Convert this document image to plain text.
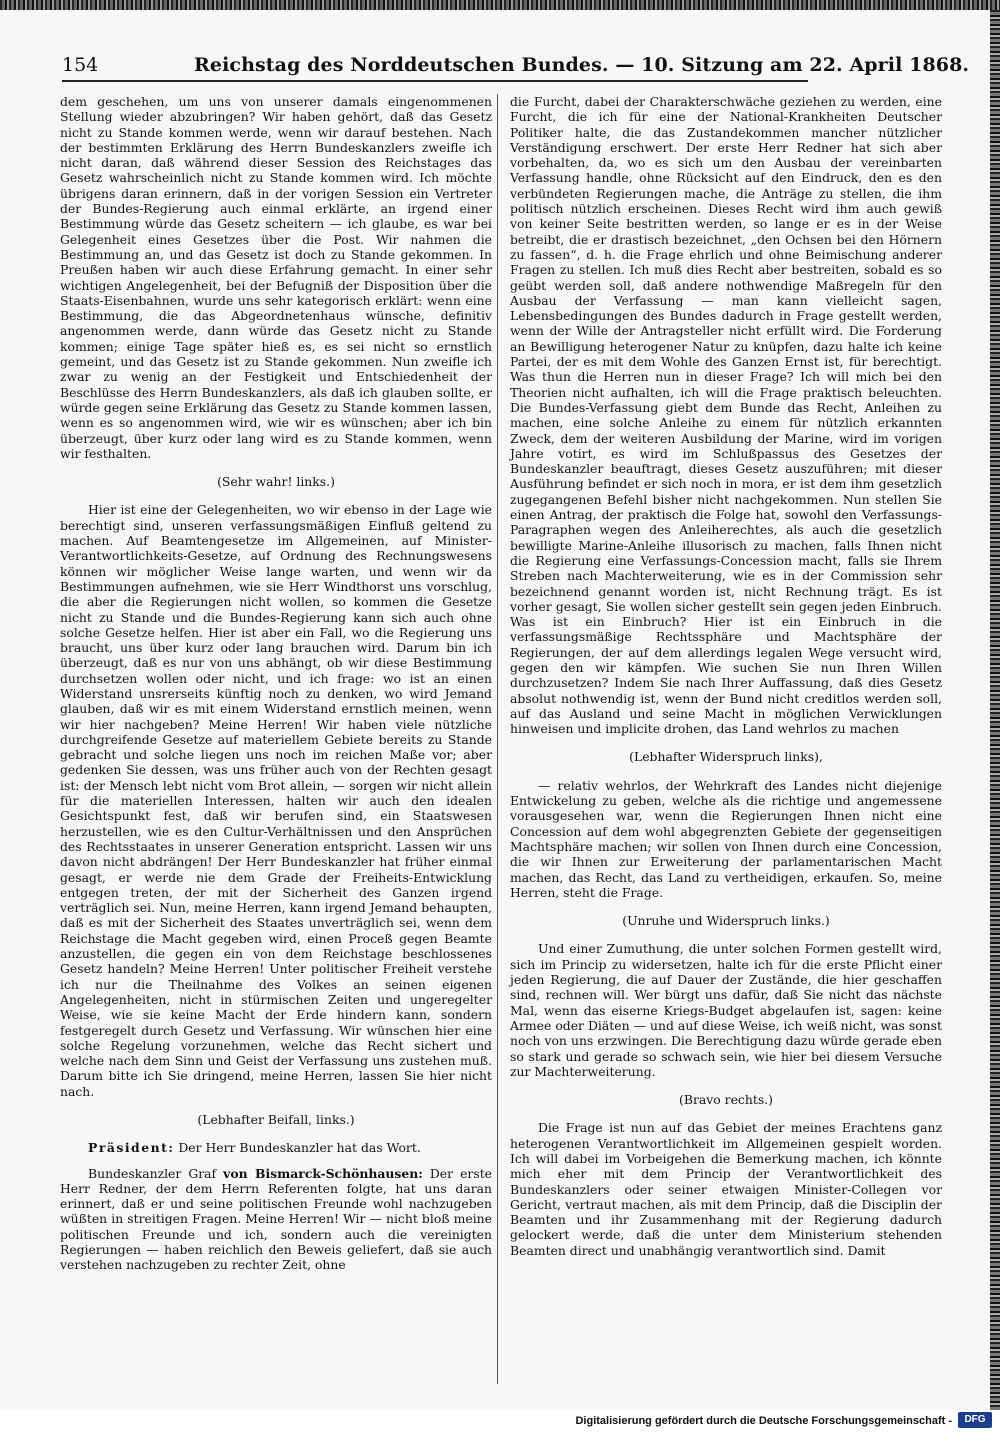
154	Reichstag des Norddeutschen Bundes. — 10. Sitzung am 22. April 1868.

dem geschehen, um uns von unserer damals eingenommenen Stellung wieder abzubringen? Wir haben gehört, daß das Gesetz nicht zu Stande kommen werde, wenn wir darauf bestehen. Nach der bestimmten Erklärung des Herrn Bundeskanzlers zweifle ich nicht daran, daß während dieser Session des Reichstages das Gesetz wahrscheinlich nicht zu Stande kommen wird. Ich möchte übrigens daran erinnern, daß in der vorigen Session ein Vertreter der Bundes-Regierung auch einmal erklärte, an irgend einer Bestimmung würde das Gesetz scheitern — ich glaube, es war bei Gelegenheit eines Gesetzes über die Post. Wir nahmen die Bestimmung an, und das Gesetz ist doch zu Stande gekommen. In Preußen haben wir auch diese Erfahrung gemacht. In einer sehr wichtigen Angelegenheit, bei der Befugniß der Disposition über die Staats-Eisenbahnen, wurde uns sehr kategorisch erklärt: wenn eine Bestimmung, die das Abgeordnetenhaus wünsche, definitiv angenommen werde, dann würde das Gesetz nicht zu Stande kommen; einige Tage später hieß es, es sei nicht so ernstlich gemeint, und das Gesetz ist zu Stande gekommen. Nun zweifle ich zwar zu wenig an der Festigkeit und Entschiedenheit der Beschlüsse des Herrn Bundeskanzlers, als daß ich glauben sollte, er würde gegen seine Erklärung das Gesetz zu Stande kommen lassen, wenn es so angenommen wird, wie wir es wünschen; aber ich bin überzeugt, über kurz oder lang wird es zu Stande kommen, wenn wir festhalten.

(Sehr wahr! links.)

Hier ist eine der Gelegenheiten, wo wir ebenso in der Lage wie berechtigt sind, unseren verfassungsmäßigen Einfluß geltend zu machen. Auf Beamtengesetze im Allgemeinen, auf Minister-Verantwortlichkeits-Gesetze, auf Ordnung des Rechnungswesens können wir möglicher Weise lange warten, und wenn wir da Bestimmungen aufnehmen, wie sie Herr Windthorst uns vorschlug, die aber die Regierungen nicht wollen, so kommen die Gesetze nicht zu Stande und die Bundes-Regierung kann sich auch ohne solche Gesetze helfen. Hier ist aber ein Fall, wo die Regierung uns braucht, uns über kurz oder lang brauchen wird. Darum bin ich überzeugt, daß es nur von uns abhängt, ob wir diese Bestimmung durchsetzen wollen oder nicht, und ich frage: wo ist an einen Widerstand unsrerseits künftig noch zu denken, wo wird Jemand glauben, daß wir es mit einem Widerstand ernstlich meinen, wenn wir hier nachgeben? Meine Herren! Wir haben viele nützliche durchgreifende Gesetze auf materiellem Gebiete bereits zu Stande gebracht und solche liegen uns noch im reichen Maße vor; aber gedenken Sie dessen, was uns früher auch von der Rechten gesagt ist: der Mensch lebt nicht vom Brot allein, — sorgen wir nicht allein für die materiellen Interessen, halten wir auch den idealen Gesichtspunkt fest, daß wir berufen sind, ein Staatswesen herzustellen, wie es den Cultur-Verhältnissen und den Ansprüchen des Rechtsstaates in unserer Generation entspricht. Lassen wir uns davon nicht abdrängen! Der Herr Bundeskanzler hat früher einmal gesagt, er werde nie dem Grade der Freiheits-Entwicklung entgegen treten, der mit der Sicherheit des Ganzen irgend verträglich sei. Nun, meine Herren, kann irgend Jemand behaupten, daß es mit der Sicherheit des Staates unverträglich sei, wenn dem Reichstage die Macht gegeben wird, einen Proceß gegen Beamte anzustellen, die gegen ein von dem Reichstage beschlossenes Gesetz handeln? Meine Herren! Unter politischer Freiheit verstehe ich nur die Theilnahme des Volkes an seinen eigenen Angelegenheiten, nicht in stürmischen Zeiten und ungeregelter Weise, wie sie keine Macht der Erde hindern kann, sondern festgeregelt durch Gesetz und Verfassung. Wir wünschen hier eine solche Regelung vorzunehmen, welche das Recht sichert und welche nach dem Sinn und Geist der Verfassung uns zustehen muß. Darum bitte ich Sie dringend, meine Herren, lassen Sie hier nicht nach.

(Lebhafter Beifall, links.)

Präsident: Der Herr Bundeskanzler hat das Wort.

Bundeskanzler Graf von Bismarck-Schönhausen: Der erste Herr Redner, der dem Herrn Referenten folgte, hat uns daran erinnert, daß er und seine politischen Freunde wohl nachzugeben wüßten in streitigen Fragen. Meine Herren! Wir — nicht bloß meine politischen Freunde und ich, sondern auch die vereinigten Regierungen — haben reichlich den Beweis geliefert, daß sie auch verstehen nachzugeben zu rechter Zeit, ohne

die Furcht, dabei der Charakterschwäche geziehen zu werden, eine Furcht, die ich für eine der National-Krankheiten Deutscher Politiker halte, die das Zustandekommen mancher nützlicher Verständigung erschwert. Der erste Herr Redner hat sich aber vorbehalten, da, wo es sich um den Ausbau der vereinbarten Verfassung handle, ohne Rücksicht auf den Eindruck, den es den verbündeten Regierungen mache, die Anträge zu stellen, die ihm politisch nützlich erscheinen. Dieses Recht wird ihm auch gewiß von keiner Seite bestritten werden, so lange er es in der Weise betreibt, die er drastisch bezeichnet, „den Ochsen bei den Hörnern zu fassen“, d. h. die Frage ehrlich und ohne Beimischung anderer Fragen zu stellen. Ich muß dies Recht aber bestreiten, sobald es so geübt werden soll, daß andere nothwendige Maßregeln für den Ausbau der Verfassung — man kann vielleicht sagen, Lebensbedingungen des Bundes dadurch in Frage gestellt werden, wenn der Wille der Antragsteller nicht erfüllt wird. Die Forderung an Bewilligung heterogener Natur zu knüpfen, dazu halte ich keine Partei, der es mit dem Wohle des Ganzen Ernst ist, für berechtigt. Was thun die Herren nun in dieser Frage? Ich will mich bei den Theorien nicht aufhalten, ich will die Frage praktisch beleuchten. Die Bundes-Verfassung giebt dem Bunde das Recht, Anleihen zu machen, eine solche Anleihe zu einem für nützlich erkannten Zweck, dem der weiteren Ausbildung der Marine, wird im vorigen Jahre votirt, es wird im Schlußpassus des Gesetzes der Bundeskanzler beauftragt, dieses Gesetz auszuführen; mit dieser Ausführung befindet er sich noch in mora, er ist dem ihm gesetzlich zugegangenen Befehl bisher nicht nachgekommen. Nun stellen Sie einen Antrag, der praktisch die Folge hat, sowohl den Verfassungs-Paragraphen wegen des Anleiherechtes, als auch die gesetzlich bewilligte Marine-Anleihe illusorisch zu machen, falls Ihnen nicht die Regierung eine Verfassungs-Concession macht, falls sie Ihrem Streben nach Machterweiterung, wie es in der Commission sehr bezeichnend genannt worden ist, nicht Rechnung trägt. Es ist vorher gesagt, Sie wollen sicher gestellt sein gegen jeden Einbruch. Was ist ein Einbruch? Hier ist ein Einbruch in die verfassungsmäßige Rechtssphäre und Machtsphäre der Regierungen, der auf dem allerdings legalen Wege versucht wird, gegen den wir kämpfen. Wie suchen Sie nun Ihren Willen durchzusetzen? Indem Sie nach Ihrer Auffassung, daß dies Gesetz absolut nothwendig ist, wenn der Bund nicht creditlos werden soll, auf das Ausland und seine Macht in möglichen Verwicklungen hinweisen und implicite drohen, das Land wehrlos zu machen

(Lebhafter Widerspruch links),

— relativ wehrlos, der Wehrkraft des Landes nicht diejenige Entwickelung zu geben, welche als die richtige und angemessene vorausgesehen war, wenn die Regierungen Ihnen nicht eine Concession auf dem wohl abgegrenzten Gebiete der gegenseitigen Machtsphäre machen; wir sollen von Ihnen durch eine Concession, die wir Ihnen zur Erweiterung der parlamentarischen Macht machen, das Recht, das Land zu vertheidigen, erkaufen. So, meine Herren, steht die Frage.

(Unruhe und Widerspruch links.)

Und einer Zumuthung, die unter solchen Formen gestellt wird, sich im Princip zu widersetzen, halte ich für die erste Pflicht einer jeden Regierung, die auf Dauer der Zustände, die hier geschaffen sind, rechnen will. Wer bürgt uns dafür, daß Sie nicht das nächste Mal, wenn das eiserne Kriegs-Budget abgelaufen ist, sagen: keine Armee oder Diäten — und auf diese Weise, ich weiß nicht, was sonst noch von uns erzwingen. Die Berechtigung dazu würde gerade eben so stark und gerade so schwach sein, wie hier bei diesem Versuche zur Machterweiterung.

(Bravo rechts.)

Die Frage ist nun auf das Gebiet der meines Erachtens ganz heterogenen Verantwortlichkeit im Allgemeinen gespielt worden. Ich will dabei im Vorbeigehen die Bemerkung machen, ich könnte mich eher mit dem Princip der Verantwortlichkeit des Bundeskanzlers oder seiner etwaigen Minister-Collegen vor Gericht, vertraut machen, als mit dem Princip, daß die Disciplin der Beamten und ihr Zusammenhang mit der Regierung dadurch gelockert werde, daß die unter dem Ministerium stehenden Beamten direct und unabhängig verantwortlich sind. Damit

Digitalisierung gefördert durch die Deutsche Forschungsgemeinschaft -	DFG
